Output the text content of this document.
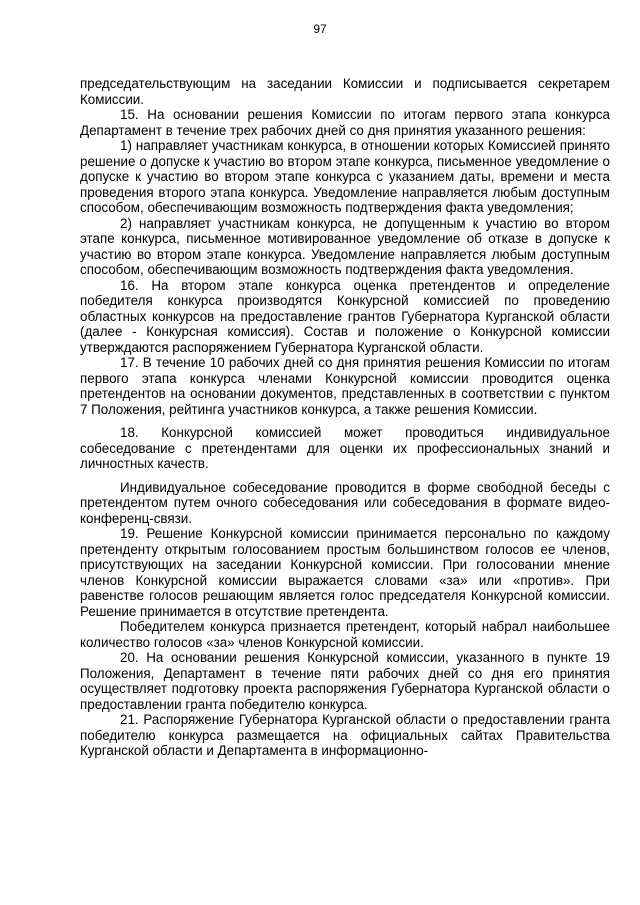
97

председательствующим на заседании Комиссии и подписывается секретарем Комиссии.

15. На основании решения Комиссии по итогам первого этапа конкурса Департамент в течение трех рабочих дней со дня принятия указанного решения:

1) направляет участникам конкурса, в отношении которых Комиссией принято решение о допуске к участию во втором этапе конкурса, письменное уведомление о допуске к участию во втором этапе конкурса с указанием даты, времени и места проведения второго этапа конкурса. Уведомление направляется любым доступным способом, обеспечивающим возможность подтверждения факта уведомления;

2) направляет участникам конкурса, не допущенным к участию во втором этапе конкурса, письменное мотивированное уведомление об отказе в допуске к участию во втором этапе конкурса. Уведомление направляется любым доступным способом, обеспечивающим возможность подтверждения факта уведомления.

16. На втором этапе конкурса оценка претендентов и определение победителя конкурса производятся Конкурсной комиссией по проведению областных конкурсов на предоставление грантов Губернатора Курганской области (далее - Конкурсная комиссия). Состав и положение о Конкурсной комиссии утверждаются распоряжением Губернатора Курганской области.

17. В течение 10 рабочих дней со дня принятия решения Комиссии по итогам первого этапа конкурса членами Конкурсной комиссии проводится оценка претендентов на основании документов, представленных в соответствии с пунктом 7 Положения, рейтинга участников конкурса, а также решения Комиссии.

18. Конкурсной комиссией может проводиться индивидуальное собеседование с претендентами для оценки их профессиональных знаний и личностных качеств.

Индивидуальное собеседование проводится в форме свободной беседы с претендентом путем очного собеседования или собеседования в формате видео-конференц-связи.

19. Решение Конкурсной комиссии принимается персонально по каждому претенденту открытым голосованием простым большинством голосов ее членов, присутствующих на заседании Конкурсной комиссии. При голосовании мнение членов Конкурсной комиссии выражается словами «за» или «против». При равенстве голосов решающим является голос председателя Конкурсной комиссии. Решение принимается в отсутствие претендента.

Победителем конкурса признается претендент, который набрал наибольшее количество голосов «за» членов Конкурсной комиссии.

20. На основании решения Конкурсной комиссии, указанного в пункте 19 Положения, Департамент в течение пяти рабочих дней со дня его принятия осуществляет подготовку проекта распоряжения Губернатора Курганской области о предоставлении гранта победителю конкурса.

21. Распоряжение Губернатора Курганской области о предоставлении гранта победителю конкурса размещается на официальных сайтах Правительства Курганской области и Департамента в информационно-
